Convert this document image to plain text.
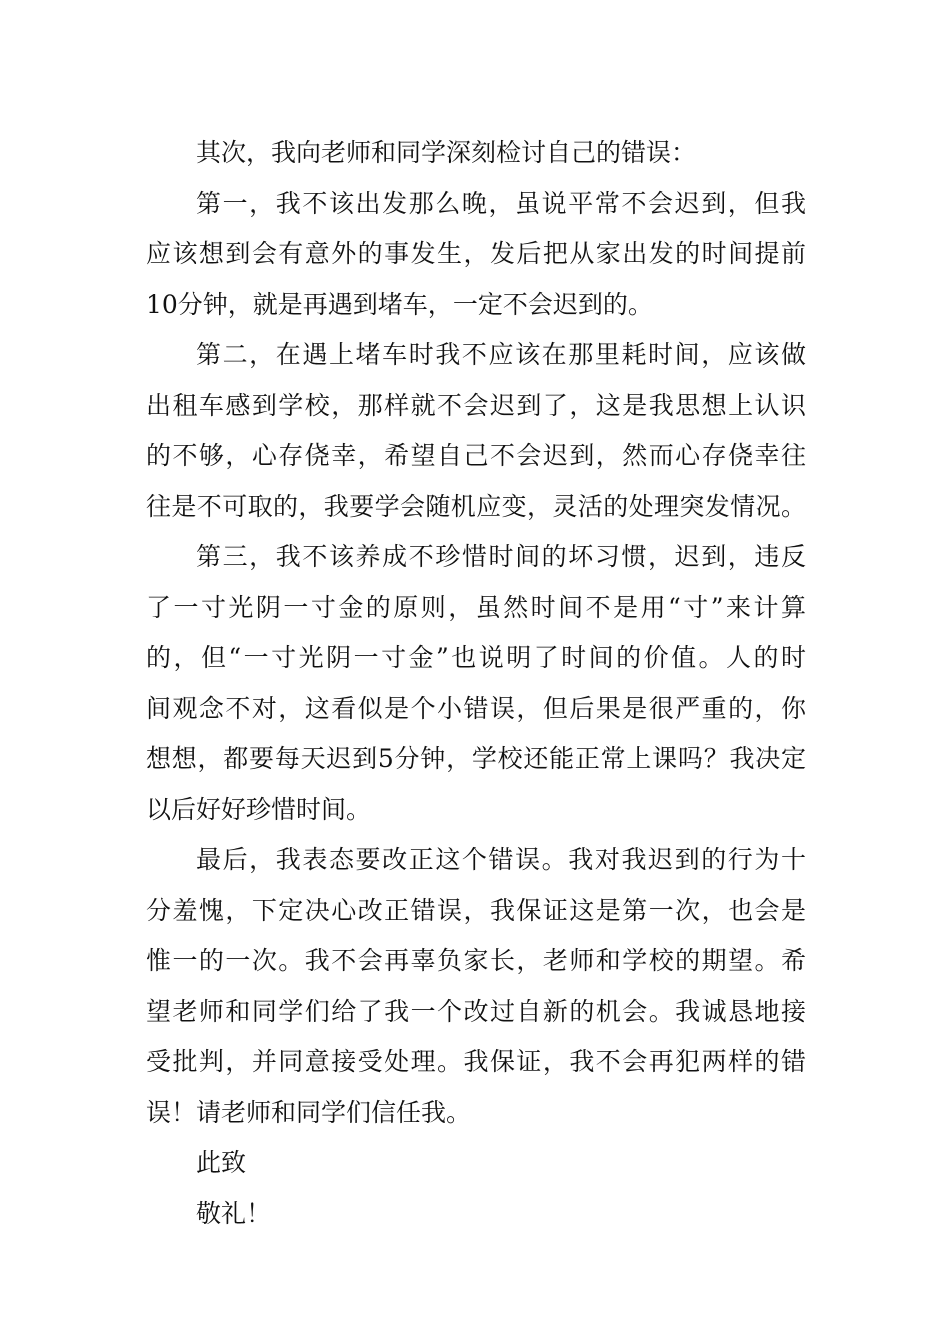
其次，我向老师和同学深刻检讨自己的错误：
第一，我不该出发那么晚，虽说平常不会迟到，但我
应该想到会有意外的事发生，发后把从家出发的时间提前
10分钟，就是再遇到堵车，一定不会迟到的。
第二，在遇上堵车时我不应该在那里耗时间，应该做
出租车感到学校，那样就不会迟到了，这是我思想上认识
的不够，心存侥幸，希望自己不会迟到，然而心存侥幸往
往是不可取的，我要学会随机应变，灵活的处理突发情况。
第三，我不该养成不珍惜时间的坏习惯，迟到，违反
了一寸光阴一寸金的原则，虽然时间不是用“寸”来计算
的，但“一寸光阴一寸金”也说明了时间的价值。人的时
间观念不对，这看似是个小错误，但后果是很严重的，你
想想，都要每天迟到5分钟，学校还能正常上课吗？我决定
以后好好珍惜时间。
最后，我表态要改正这个错误。我对我迟到的行为十
分羞愧，下定决心改正错误，我保证这是第一次，也会是
惟一的一次。我不会再辜负家长，老师和学校的期望。希
望老师和同学们给了我一个改过自新的机会。我诚恳地接
受批判，并同意接受处理。我保证，我不会再犯两样的错
误！请老师和同学们信任我。
此致
敬礼！
